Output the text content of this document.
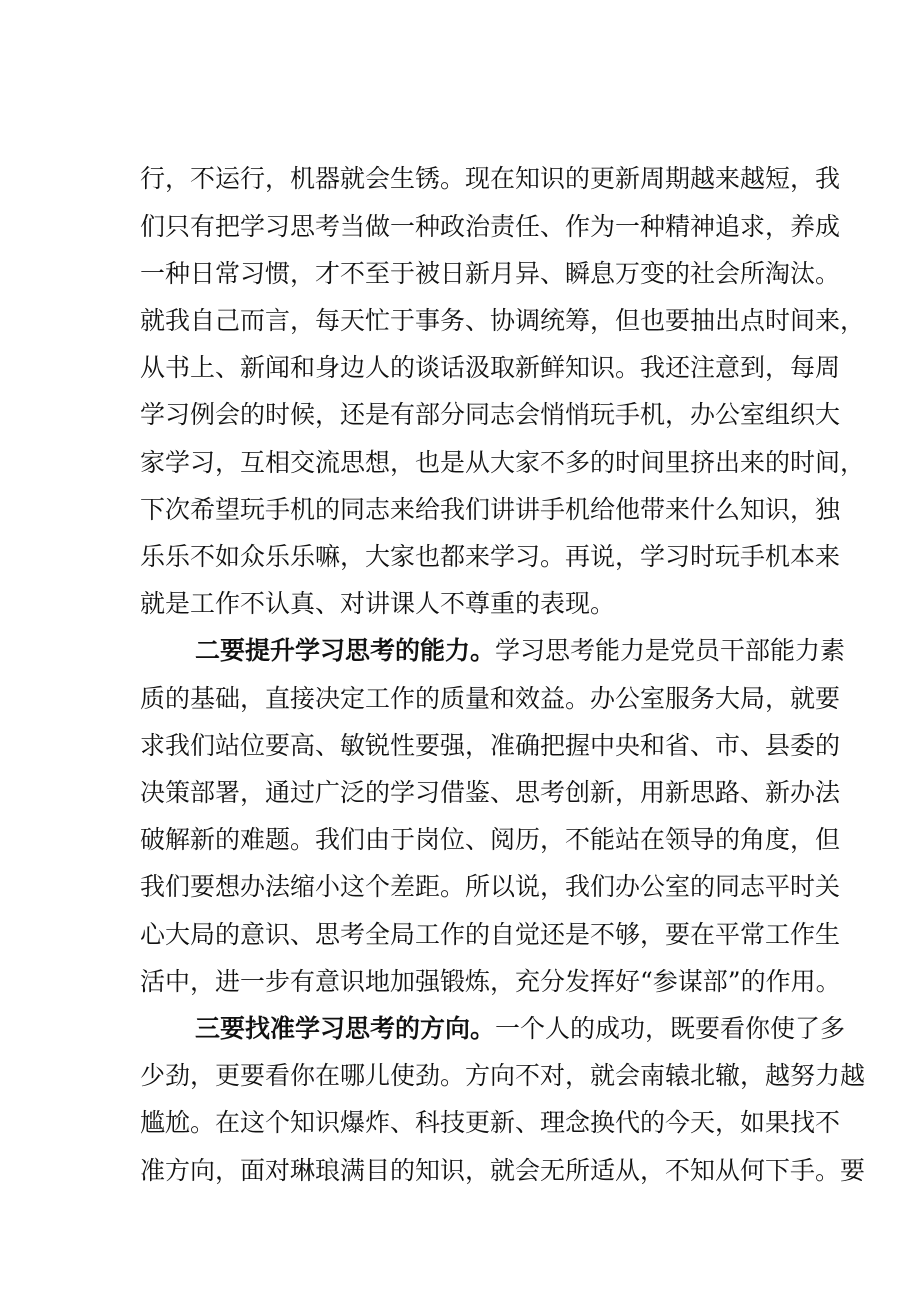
行，不运行，机器就会生锈。现在知识的更新周期越来越短，我
们只有把学习思考当做一种政治责任、作为一种精神追求，养成
一种日常习惯，才不至于被日新月异、瞬息万变的社会所淘汰。
就我自己而言，每天忙于事务、协调统筹，但也要抽出点时间来，
从书上、新闻和身边人的谈话汲取新鲜知识。我还注意到，每周
学习例会的时候，还是有部分同志会悄悄玩手机，办公室组织大
家学习，互相交流思想，也是从大家不多的时间里挤出来的时间，
下次希望玩手机的同志来给我们讲讲手机给他带来什么知识，独
乐乐不如众乐乐嘛，大家也都来学习。再说，学习时玩手机本来
就是工作不认真、对讲课人不尊重的表现。
二要提升学习思考的能力。学习思考能力是党员干部能力素
质的基础，直接决定工作的质量和效益。办公室服务大局，就要
求我们站位要高、敏锐性要强，准确把握中央和省、市、县委的
决策部署，通过广泛的学习借鉴、思考创新，用新思路、新办法
破解新的难题。我们由于岗位、阅历，不能站在领导的角度，但
我们要想办法缩小这个差距。所以说，我们办公室的同志平时关
心大局的意识、思考全局工作的自觉还是不够，要在平常工作生
活中，进一步有意识地加强锻炼，充分发挥好“参谋部”的作用。
三要找准学习思考的方向。一个人的成功，既要看你使了多
少劲，更要看你在哪儿使劲。方向不对，就会南辕北辙，越努力越
尴尬。在这个知识爆炸、科技更新、理念换代的今天，如果找不
准方向，面对琳琅满目的知识，就会无所适从，不知从何下手。要
